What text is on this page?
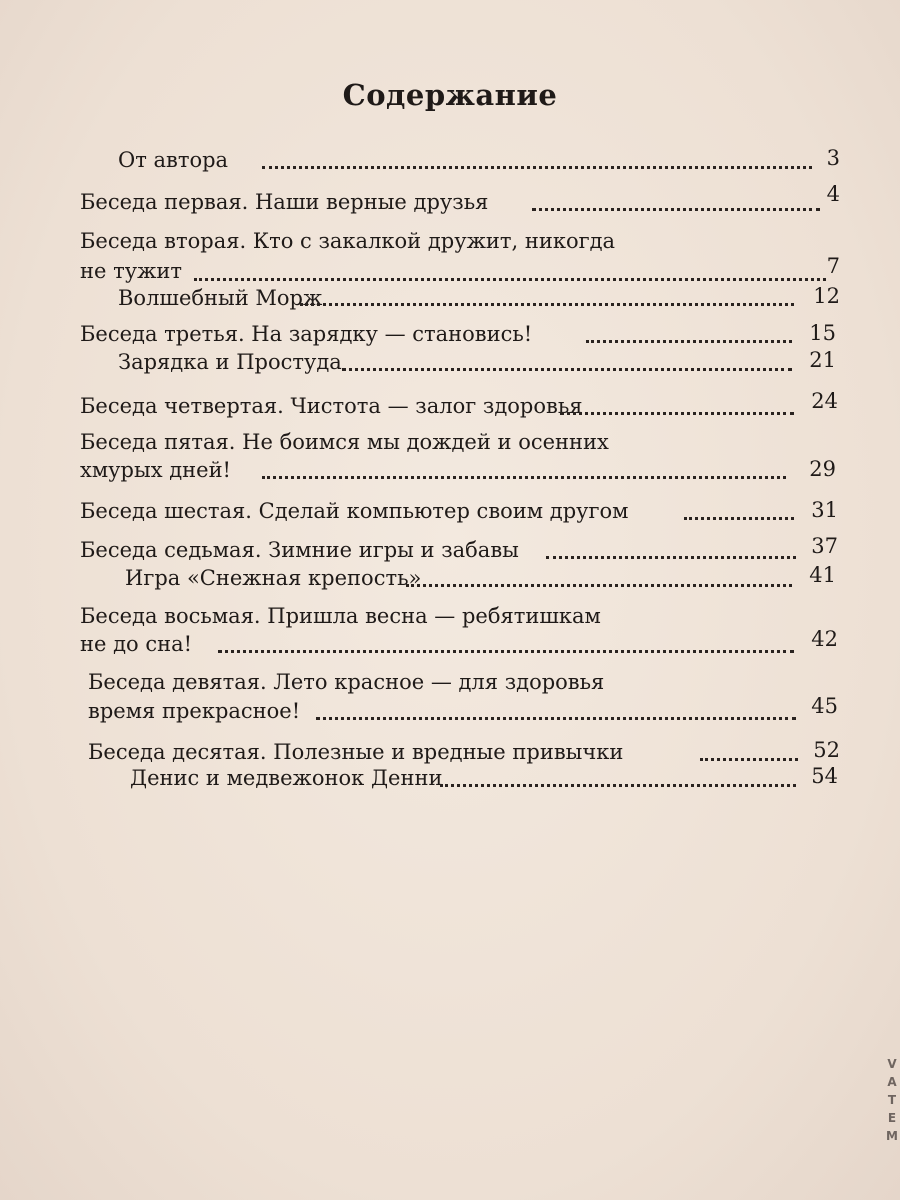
Содержание
От автора	3
Беседа первая. Наши верные друзья	4
Беседа вторая. Кто с закалкой дружит, никогда
не тужит	7
Волшебный Морж	12
Беседа третья. На зарядку — становись!	15
Зарядка и Простуда	21
Беседа четвертая. Чистота — залог здоровья	24
Беседа пятая. Не боимся мы дождей и осенних
хмурых дней!	29
Беседа шестая. Сделай компьютер своим другом	31
Беседа седьмая. Зимние игры и забавы	37
Игра «Снежная крепость»	41
Беседа восьмая. Пришла весна — ребятишкам
не до сна!	42
Беседа девятая. Лето красное — для здоровья
время прекрасное!	45
Беседа десятая. Полезные и вредные привычки	52
Денис и медвежонок Денни	54
V
A
T
E
M
